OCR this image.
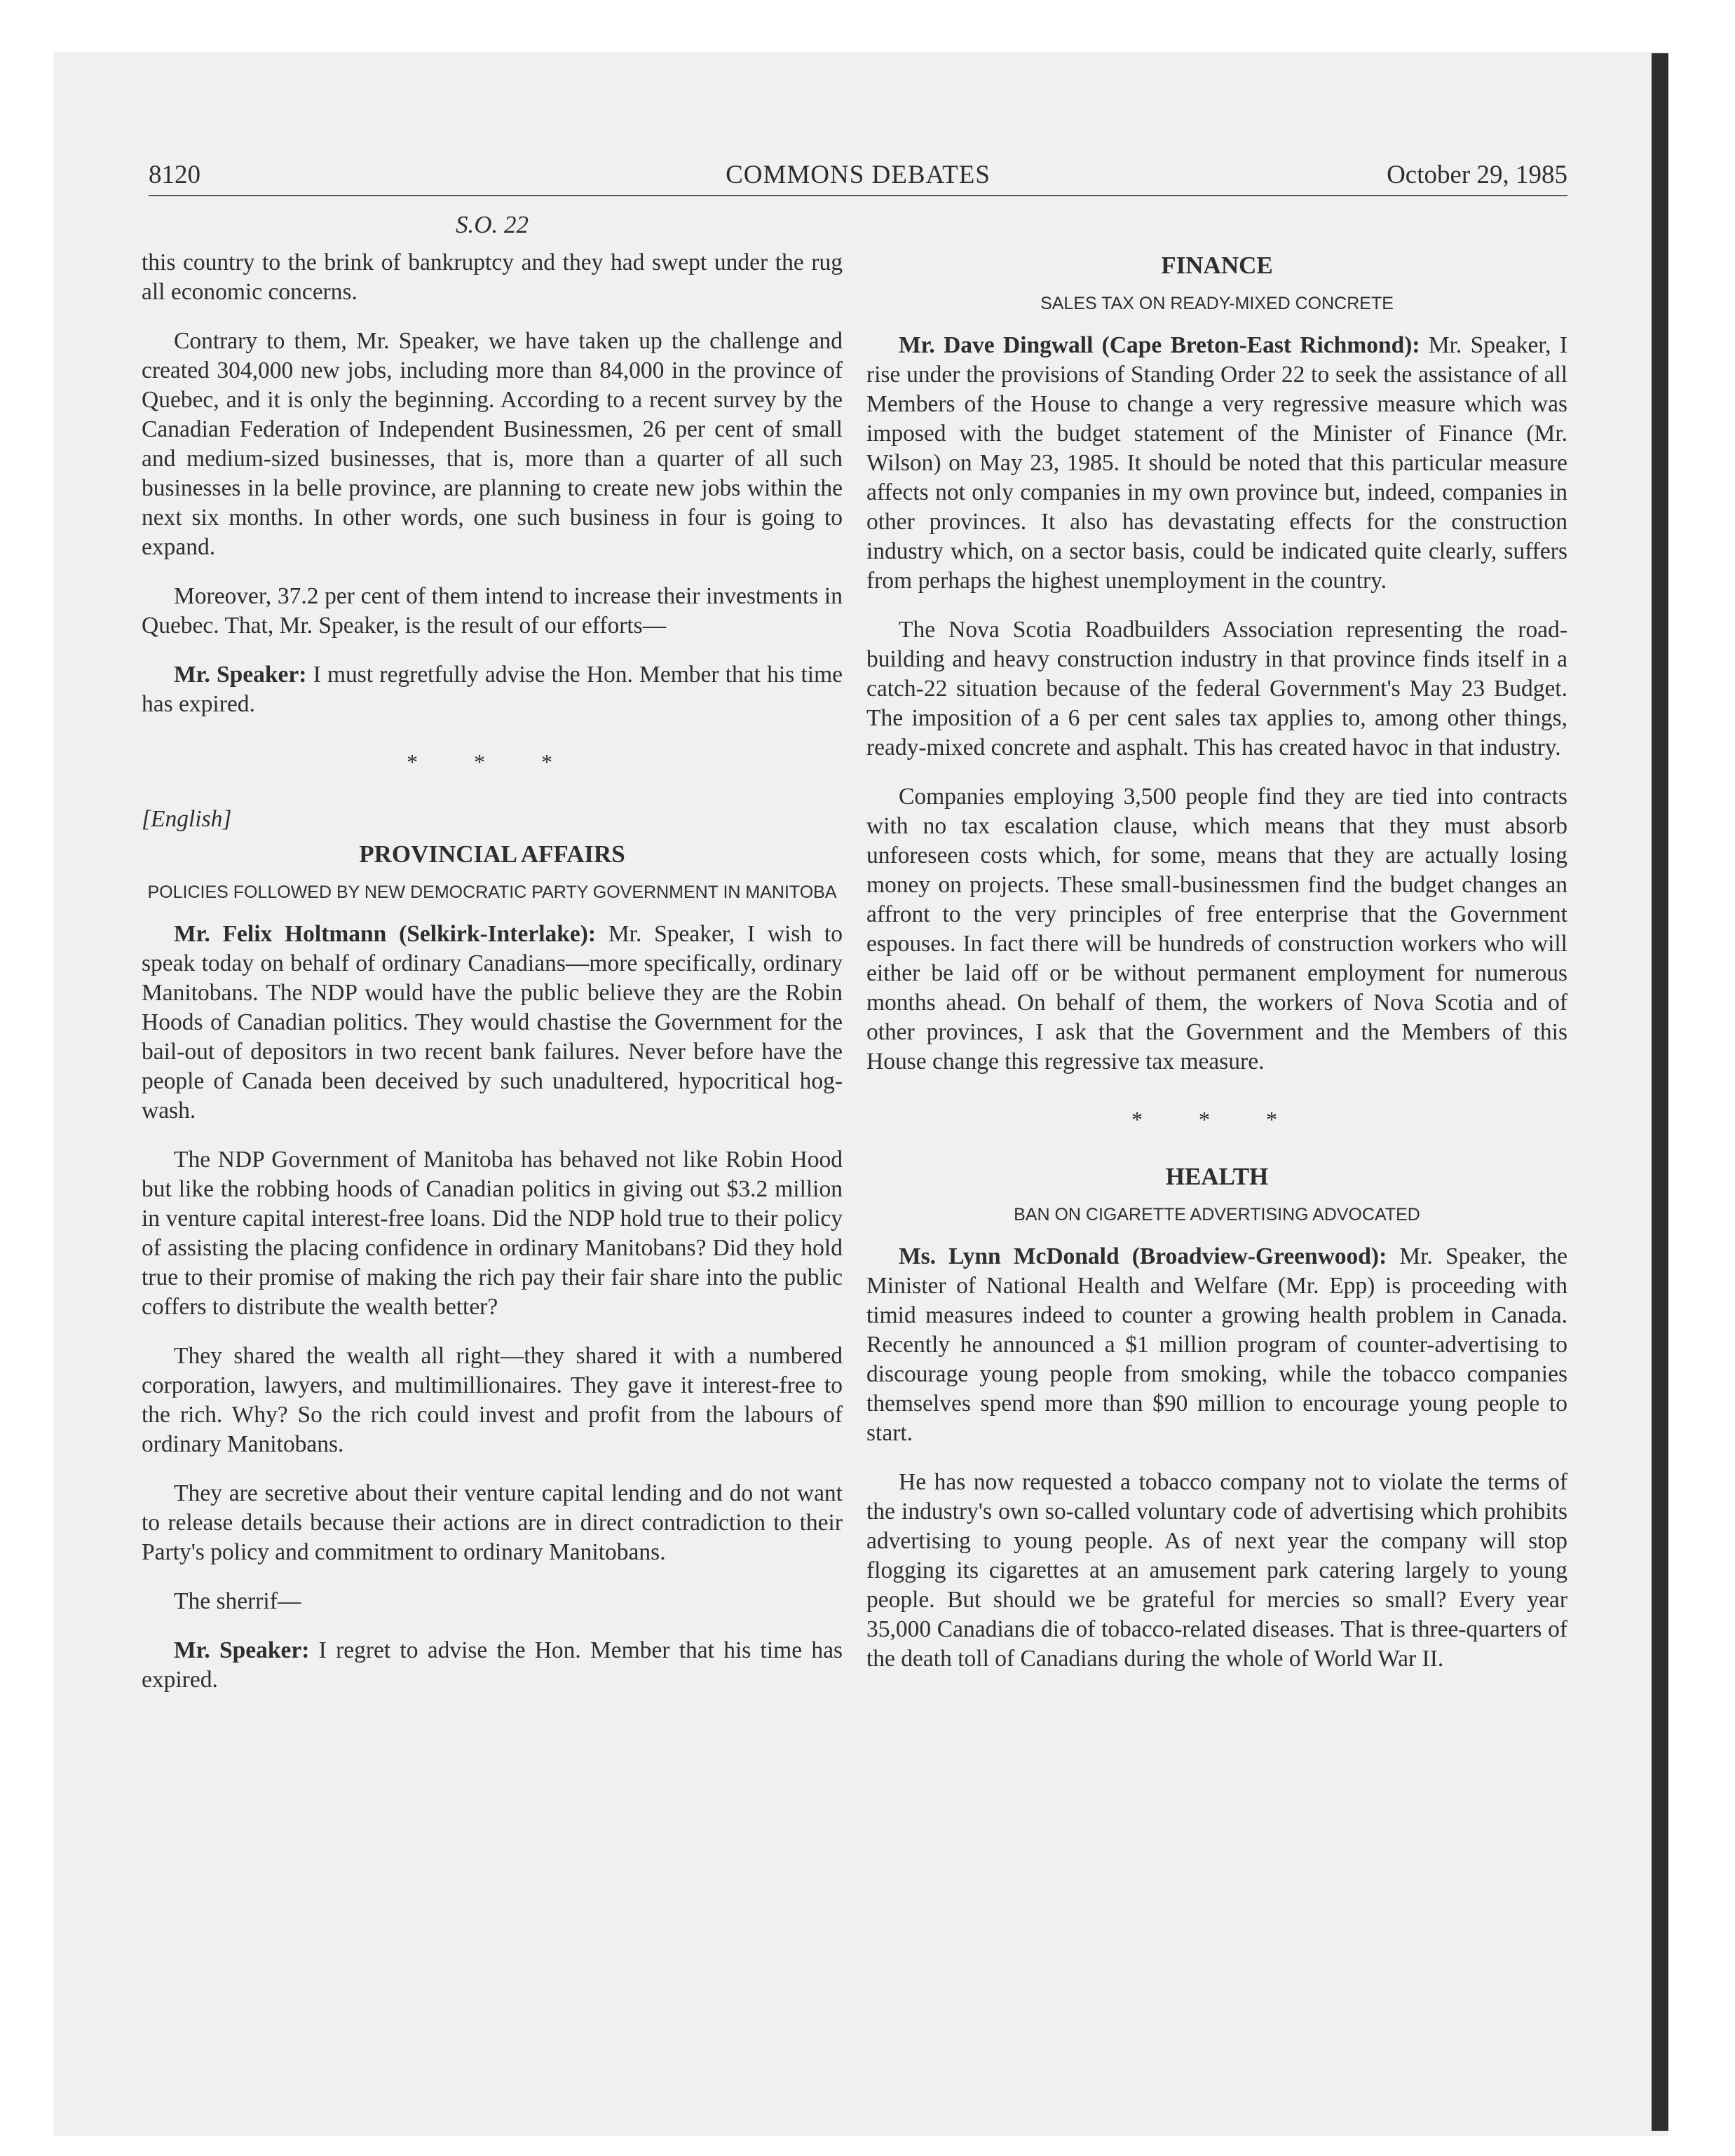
8120	COMMONS DEBATES	October 29, 1985
S.O. 22

this country to the brink of bankruptcy and they had swept under the rug all economic concerns.

Contrary to them, Mr. Speaker, we have taken up the challenge and created 304,000 new jobs, including more than 84,000 in the province of Quebec, and it is only the beginning. According to a recent survey by the Canadian Federation of Independent Businessmen, 26 per cent of small and medium-sized businesses, that is, more than a quarter of all such businesses in la belle province, are planning to create new jobs within the next six months. In other words, one such business in four is going to expand.

Moreover, 37.2 per cent of them intend to increase their investments in Quebec. That, Mr. Speaker, is the result of our efforts—

Mr. Speaker: I must regretfully advise the Hon. Member that his time has expired.

* * *
[English]
PROVINCIAL AFFAIRS
POLICIES FOLLOWED BY NEW DEMOCRATIC PARTY GOVERNMENT IN MANITOBA

Mr. Felix Holtmann (Selkirk-Interlake): Mr. Speaker, I wish to speak today on behalf of ordinary Canadians—more specifically, ordinary Manitobans. The NDP would have the public believe they are the Robin Hoods of Canadian politics. They would chastise the Government for the bail-out of depositors in two recent bank failures. Never before have the people of Canada been deceived by such unadultered, hypocritical hog-wash.

The NDP Government of Manitoba has behaved not like Robin Hood but like the robbing hoods of Canadian politics in giving out $3.2 million in venture capital interest-free loans. Did the NDP hold true to their policy of assisting the placing confidence in ordinary Manitobans? Did they hold true to their promise of making the rich pay their fair share into the public coffers to distribute the wealth better?

They shared the wealth all right—they shared it with a numbered corporation, lawyers, and multimillionaires. They gave it interest-free to the rich. Why? So the rich could invest and profit from the labours of ordinary Manitobans.

They are secretive about their venture capital lending and do not want to release details because their actions are in direct contradiction to their Party's policy and commitment to ordinary Manitobans.

The sherrif—

Mr. Speaker: I regret to advise the Hon. Member that his time has expired.

FINANCE
SALES TAX ON READY-MIXED CONCRETE

Mr. Dave Dingwall (Cape Breton-East Richmond): Mr. Speaker, I rise under the provisions of Standing Order 22 to seek the assistance of all Members of the House to change a very regressive measure which was imposed with the budget statement of the Minister of Finance (Mr. Wilson) on May 23, 1985. It should be noted that this particular measure affects not only companies in my own province but, indeed, companies in other provinces. It also has devastating effects for the construction industry which, on a sector basis, could be indicated quite clearly, suffers from perhaps the highest unemployment in the country.

The Nova Scotia Roadbuilders Association representing the road-building and heavy construction industry in that province finds itself in a catch-22 situation because of the federal Government's May 23 Budget. The imposition of a 6 per cent sales tax applies to, among other things, ready-mixed concrete and asphalt. This has created havoc in that industry.

Companies employing 3,500 people find they are tied into contracts with no tax escalation clause, which means that they must absorb unforeseen costs which, for some, means that they are actually losing money on projects. These small-businessmen find the budget changes an affront to the very principles of free enterprise that the Government espouses. In fact there will be hundreds of construction workers who will either be laid off or be without permanent employment for numerous months ahead. On behalf of them, the workers of Nova Scotia and of other provinces, I ask that the Government and the Members of this House change this regressive tax measure.

* * *
HEALTH
BAN ON CIGARETTE ADVERTISING ADVOCATED

Ms. Lynn McDonald (Broadview-Greenwood): Mr. Speaker, the Minister of National Health and Welfare (Mr. Epp) is proceeding with timid measures indeed to counter a growing health problem in Canada. Recently he announced a $1 million program of counter-advertising to discourage young people from smoking, while the tobacco companies themselves spend more than $90 million to encourage young people to start.

He has now requested a tobacco company not to violate the terms of the industry's own so-called voluntary code of advertising which prohibits advertising to young people. As of next year the company will stop flogging its cigarettes at an amusement park catering largely to young people. But should we be grateful for mercies so small? Every year 35,000 Canadians die of tobacco-related diseases. That is three-quarters of the death toll of Canadians during the whole of World War II.
